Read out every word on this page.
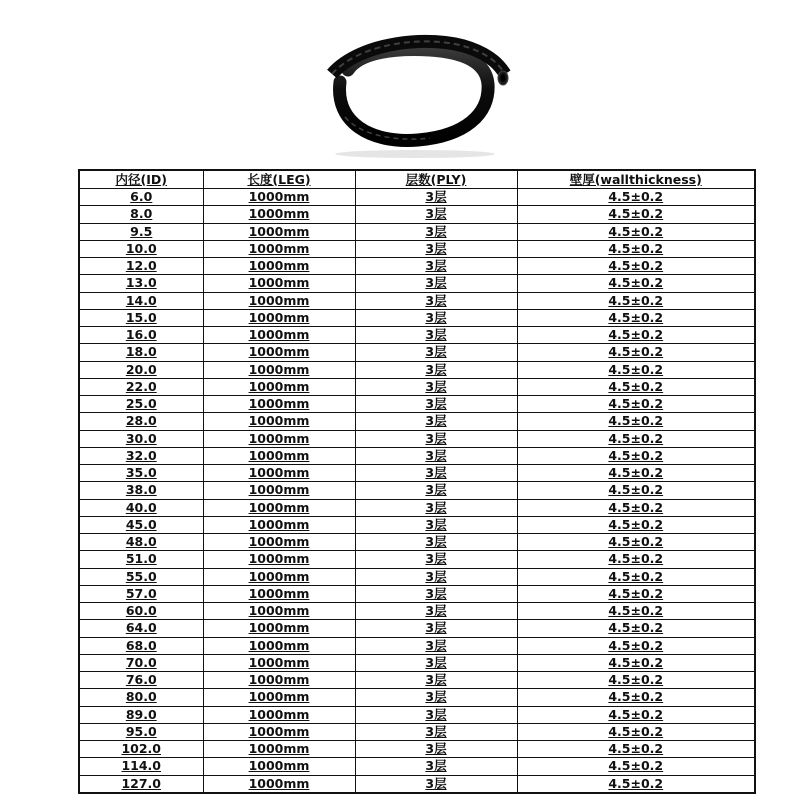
内径(ID)	长度(LEG)	层数(PLY)	壁厚(wallthickness)
6.0	1000mm	3层	4.5±0.2
8.0	1000mm	3层	4.5±0.2
9.5	1000mm	3层	4.5±0.2
10.0	1000mm	3层	4.5±0.2
12.0	1000mm	3层	4.5±0.2
13.0	1000mm	3层	4.5±0.2
14.0	1000mm	3层	4.5±0.2
15.0	1000mm	3层	4.5±0.2
16.0	1000mm	3层	4.5±0.2
18.0	1000mm	3层	4.5±0.2
20.0	1000mm	3层	4.5±0.2
22.0	1000mm	3层	4.5±0.2
25.0	1000mm	3层	4.5±0.2
28.0	1000mm	3层	4.5±0.2
30.0	1000mm	3层	4.5±0.2
32.0	1000mm	3层	4.5±0.2
35.0	1000mm	3层	4.5±0.2
38.0	1000mm	3层	4.5±0.2
40.0	1000mm	3层	4.5±0.2
45.0	1000mm	3层	4.5±0.2
48.0	1000mm	3层	4.5±0.2
51.0	1000mm	3层	4.5±0.2
55.0	1000mm	3层	4.5±0.2
57.0	1000mm	3层	4.5±0.2
60.0	1000mm	3层	4.5±0.2
64.0	1000mm	3层	4.5±0.2
68.0	1000mm	3层	4.5±0.2
70.0	1000mm	3层	4.5±0.2
76.0	1000mm	3层	4.5±0.2
80.0	1000mm	3层	4.5±0.2
89.0	1000mm	3层	4.5±0.2
95.0	1000mm	3层	4.5±0.2
102.0	1000mm	3层	4.5±0.2
114.0	1000mm	3层	4.5±0.2
127.0	1000mm	3层	4.5±0.2
